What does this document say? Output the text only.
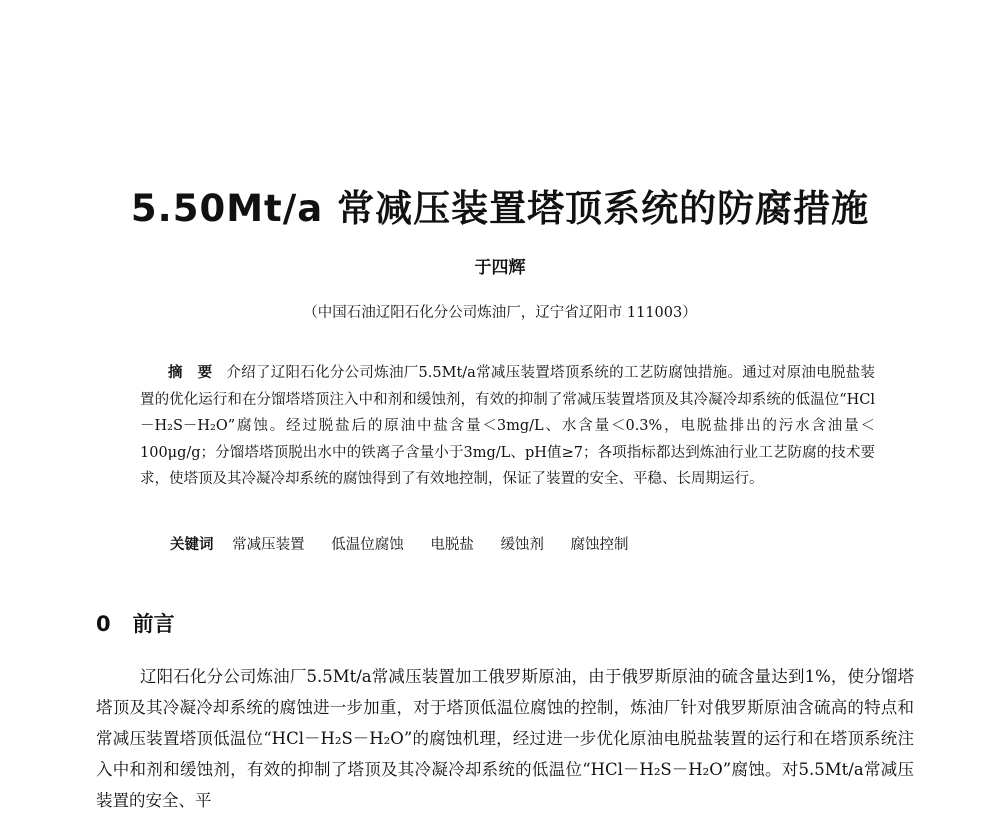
5.50Mt/a 常减压装置塔顶系统的防腐措施
于四辉
（中国石油辽阳石化分公司炼油厂，辽宁省辽阳市 111003）

摘　要 介绍了辽阳石化分公司炼油厂5.5Mt/a常减压装置塔顶系统的工艺防腐蚀措施。通过对原油电脱盐装置的优化运行和在分馏塔塔顶注入中和剂和缓蚀剂，有效的抑制了常减压装置塔顶及其冷凝冷却系统的低温位“HCl－H₂S－H₂O”腐蚀。经过脱盐后的原油中盐含量＜3mg/L、水含量＜0.3%，电脱盐排出的污水含油量＜100μg/g；分馏塔塔顶脱出水中的铁离子含量小于3mg/L、pH值≥7；各项指标都达到炼油行业工艺防腐的技术要求，使塔顶及其冷凝冷却系统的腐蚀得到了有效地控制，保证了装置的安全、平稳、长周期运行。

关键词 常减压装置 低温位腐蚀 电脱盐 缓蚀剂 腐蚀控制
0 前言

辽阳石化分公司炼油厂5.5Mt/a常减压装置加工俄罗斯原油，由于俄罗斯原油的硫含量达到1%，使分馏塔塔顶及其冷凝冷却系统的腐蚀进一步加重，对于塔顶低温位腐蚀的控制，炼油厂针对俄罗斯原油含硫高的特点和常减压装置塔顶低温位“HCl－H₂S－H₂O”的腐蚀机理，经过进一步优化原油电脱盐装置的运行和在塔顶系统注入中和剂和缓蚀剂，有效的抑制了塔顶及其冷凝冷却系统的低温位“HCl－H₂S－H₂O”腐蚀。对5.5Mt/a常减压装置的安全、平
